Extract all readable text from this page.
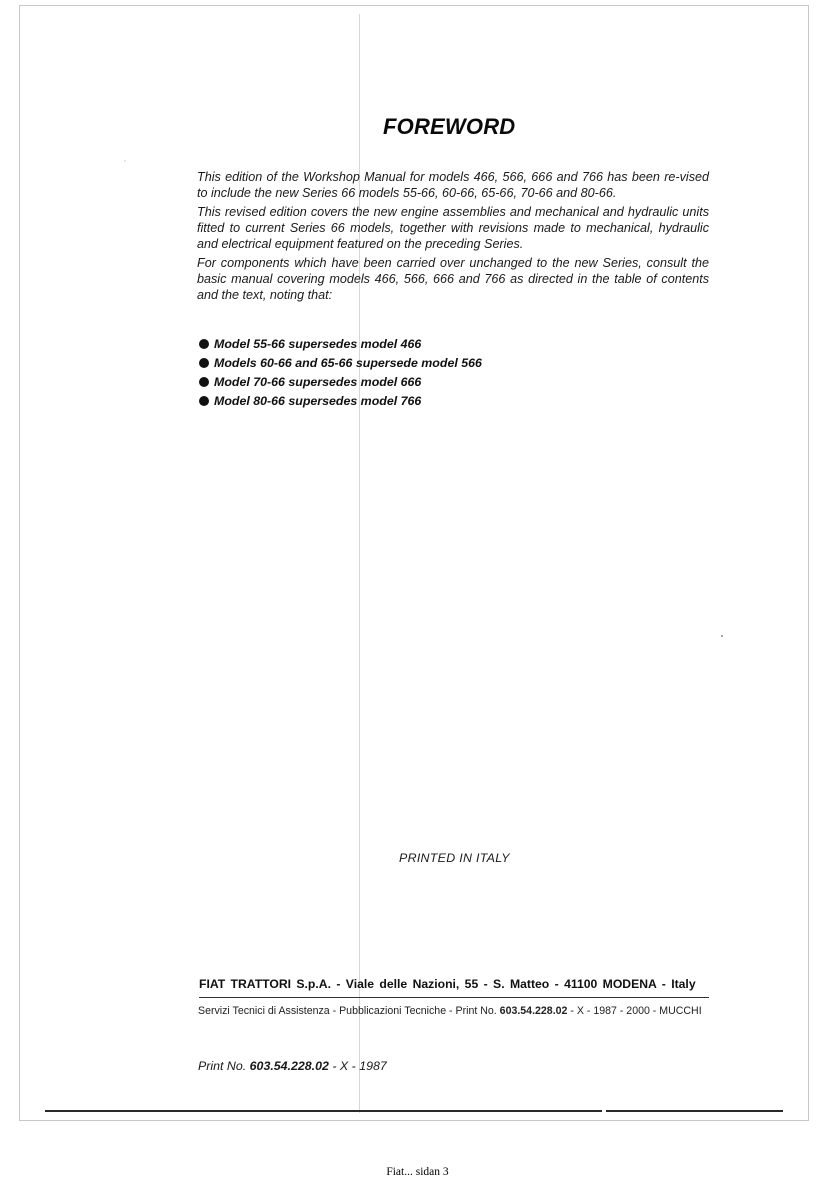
FOREWORD

This edition of the Workshop Manual for models 466, 566, 666 and 766 has been re-vised to include the new Series 66 models 55-66, 60-66, 65-66, 70-66 and 80-66.

This revised edition covers the new engine assemblies and mechanical and hydraulic units fitted to current Series 66 models, together with revisions made to mechanical, hydraulic and electrical equipment featured on the preceding Series.

For components which have been carried over unchanged to the new Series, consult the basic manual covering models 466, 566, 666 and 766 as directed in the table of contents and the text, noting that:

Model 55-66 supersedes model 466
Models 60-66 and 65-66 supersede model 566
Model 70-66 supersedes model 666
Model 80-66 supersedes model 766
PRINTED IN ITALY
FIAT TRATTORI S.p.A. - Viale delle Nazioni, 55 - S. Matteo - 41100 MODENA - Italy
Servizi Tecnici di Assistenza - Pubblicazioni Tecniche - Print No. 603.54.228.02 - X - 1987 - 2000 - MUCCHI
Print No. 603.54.228.02 - X - 1987
Fiat... sidan 3
